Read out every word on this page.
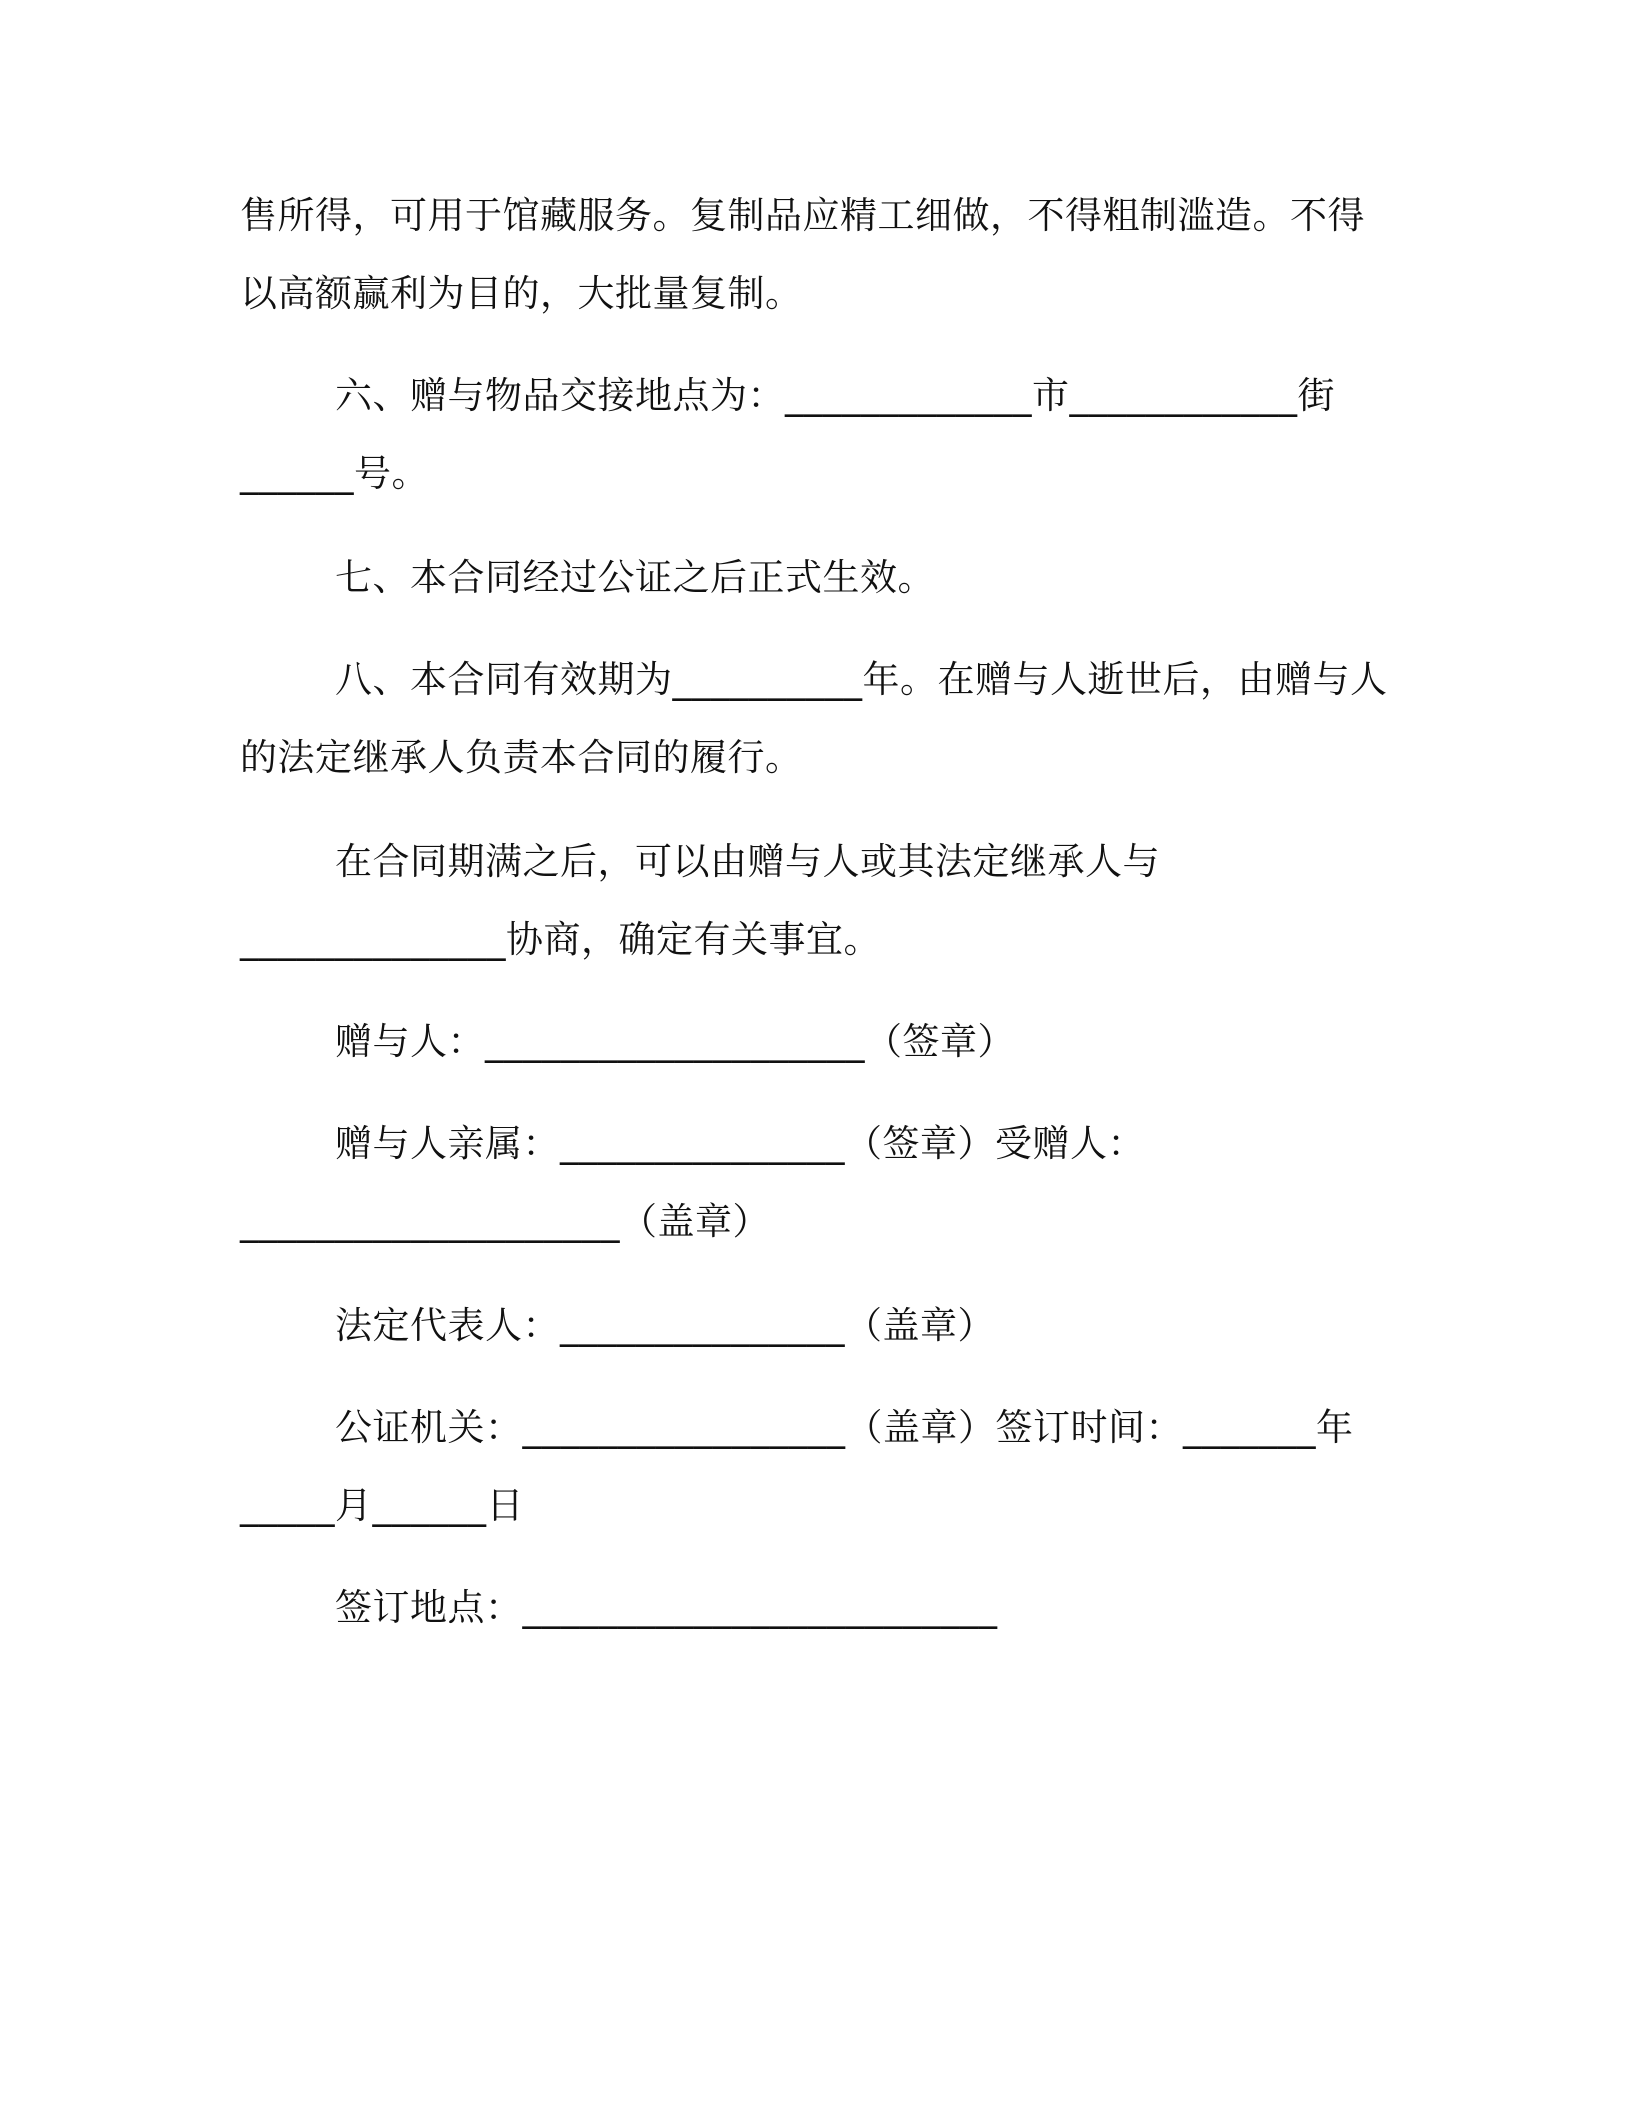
售所得，可用于馆藏服务。复制品应精工细做，不得粗制滥造。不得
以高额赢利为目的，大批量复制。
六、赠与物品交接地点为：_____________市____________街
______号。
七、本合同经过公证之后正式生效。
八、本合同有效期为__________年。在赠与人逝世后，由赠与人
的法定继承人负责本合同的履行。
在合同期满之后，可以由赠与人或其法定继承人与
______________协商，确定有关事宜。
赠与人：____________________（签章）
赠与人亲属：_______________（签章）受赠人：
____________________（盖章）
法定代表人：_______________（盖章）
公证机关：_________________（盖章）签订时间：_______年
_____月______日
签订地点：_________________________
